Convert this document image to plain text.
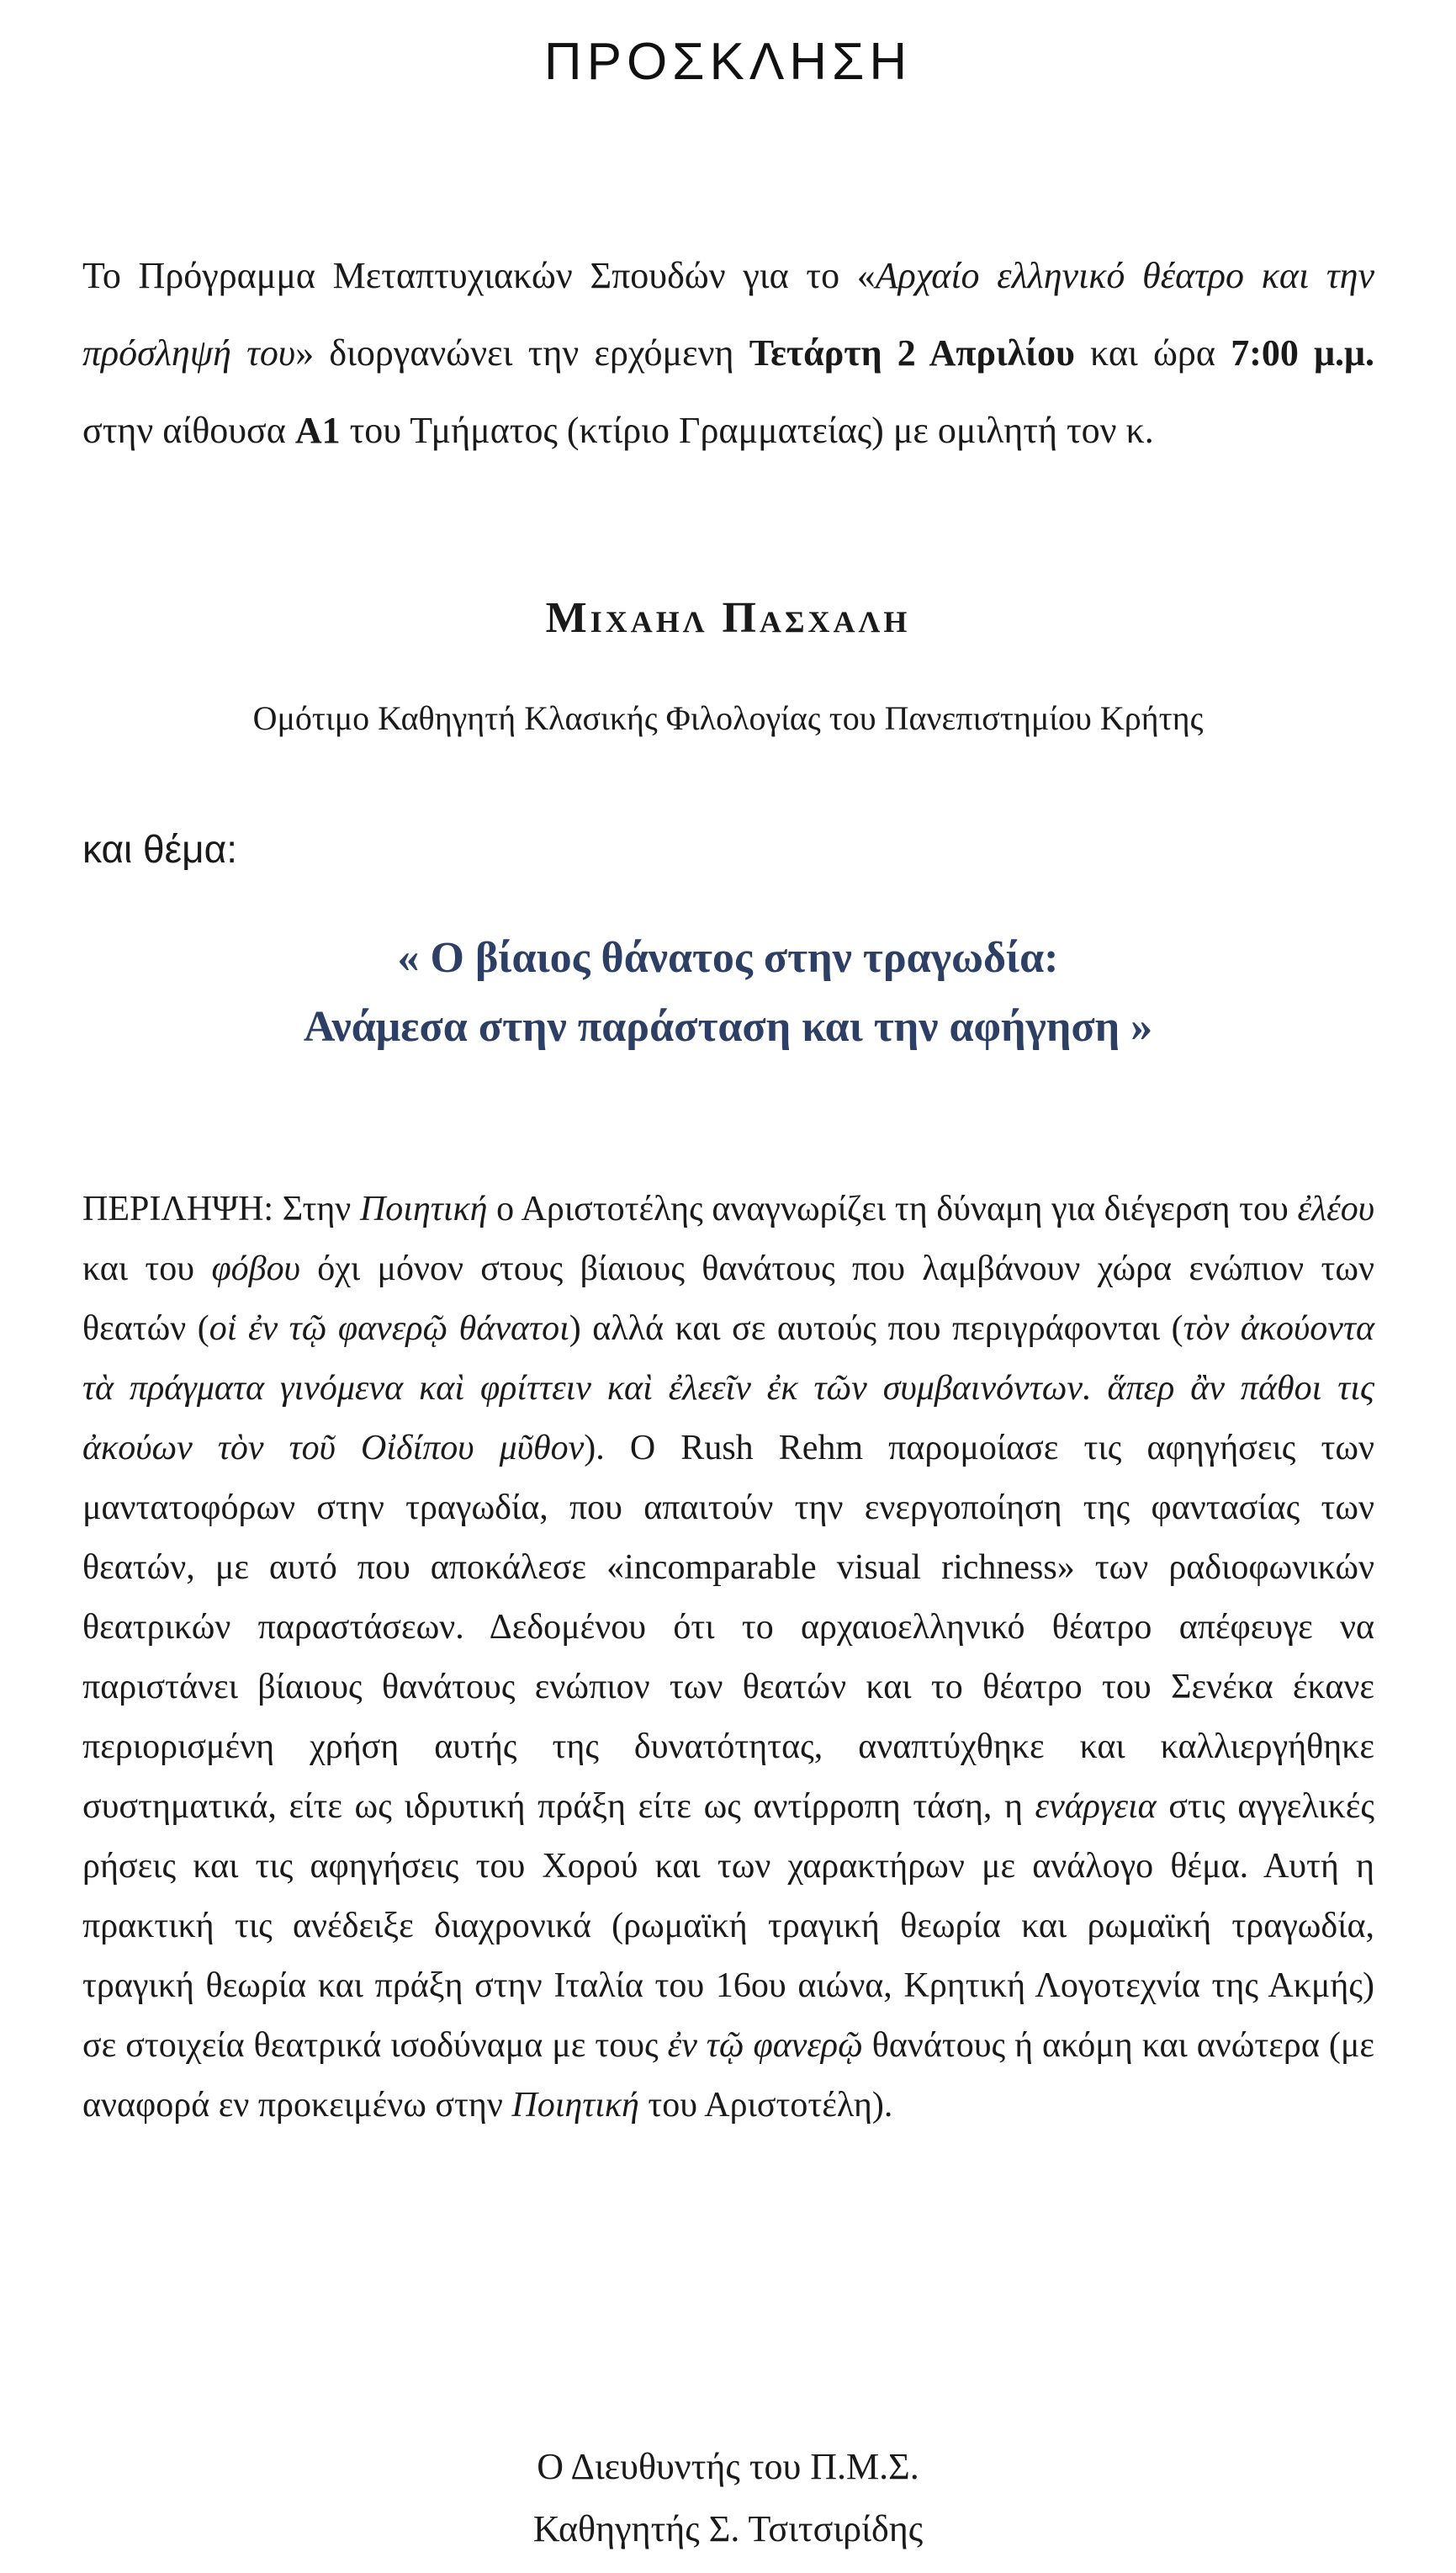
ΠΡΟΣΚΛΗΣΗ
Το Πρόγραμμα Μεταπτυχιακών Σπουδών για το «Αρχαίο ελληνικό θέατρο και την πρόσληψή του» διοργανώνει την ερχόμενη Τετάρτη 2 Απριλίου και ώρα 7:00 μ.μ. στην αίθουσα Α1 του Τμήματος (κτίριο Γραμματείας) με ομιλητή τον κ.
Μιχαηλ Πασχαλη
Ομότιμο Καθηγητή Κλασικής Φιλολογίας του Πανεπιστημίου Κρήτης
και θέμα:
« Ο βίαιος θάνατος στην τραγωδία:
Ανάμεσα στην παράσταση και την αφήγηση »
ΠΕΡΙΛΗΨΗ: Στην Ποιητική ο Αριστοτέλης αναγνωρίζει τη δύναμη για διέγερση του ἐλέου και του φόβου όχι μόνον στους βίαιους θανάτους που λαμβάνουν χώρα ενώπιον των θεατών (οἱ ἐν τῷ φανερῷ θάνατοι) αλλά και σε αυτούς που περιγράφονται (τὸν ἀκούοντα τὰ πράγματα γινόμενα καὶ φρίττειν καὶ ἐλεεῖν ἐκ τῶν συμβαινόντων. ἅπερ ἂν πάθοι τις ἀκούων τὸν τοῦ Οἰδίπου μῦθον). Ο Rush Rehm παρομοίασε τις αφηγήσεις των μαντατοφόρων στην τραγωδία, που απαιτούν την ενεργοποίηση της φαντασίας των θεατών, με αυτό που αποκάλεσε «incomparable visual richness» των ραδιοφωνικών θεατρικών παραστάσεων. Δεδομένου ότι το αρχαιοελληνικό θέατρο απέφευγε να παριστάνει βίαιους θανάτους ενώπιον των θεατών και το θέατρο του Σενέκα έκανε περιορισμένη χρήση αυτής της δυνατότητας, αναπτύχθηκε και καλλιεργήθηκε συστηματικά, είτε ως ιδρυτική πράξη είτε ως αντίρροπη τάση, η ενάργεια στις αγγελικές ρήσεις και τις αφηγήσεις του Χορού και των χαρακτήρων με ανάλογο θέμα. Αυτή η πρακτική τις ανέδειξε διαχρονικά (ρωμαϊκή τραγική θεωρία και ρωμαϊκή τραγωδία, τραγική θεωρία και πράξη στην Ιταλία του 16ου αιώνα, Κρητική Λογοτεχνία της Ακμής) σε στοιχεία θεατρικά ισοδύναμα με τους ἐν τῷ φανερῷ θανάτους ή ακόμη και ανώτερα (με αναφορά εν προκειμένω στην Ποιητική του Αριστοτέλη).
Ο Διευθυντής του Π.Μ.Σ.
Καθηγητής Σ. Τσιτσιρίδης
